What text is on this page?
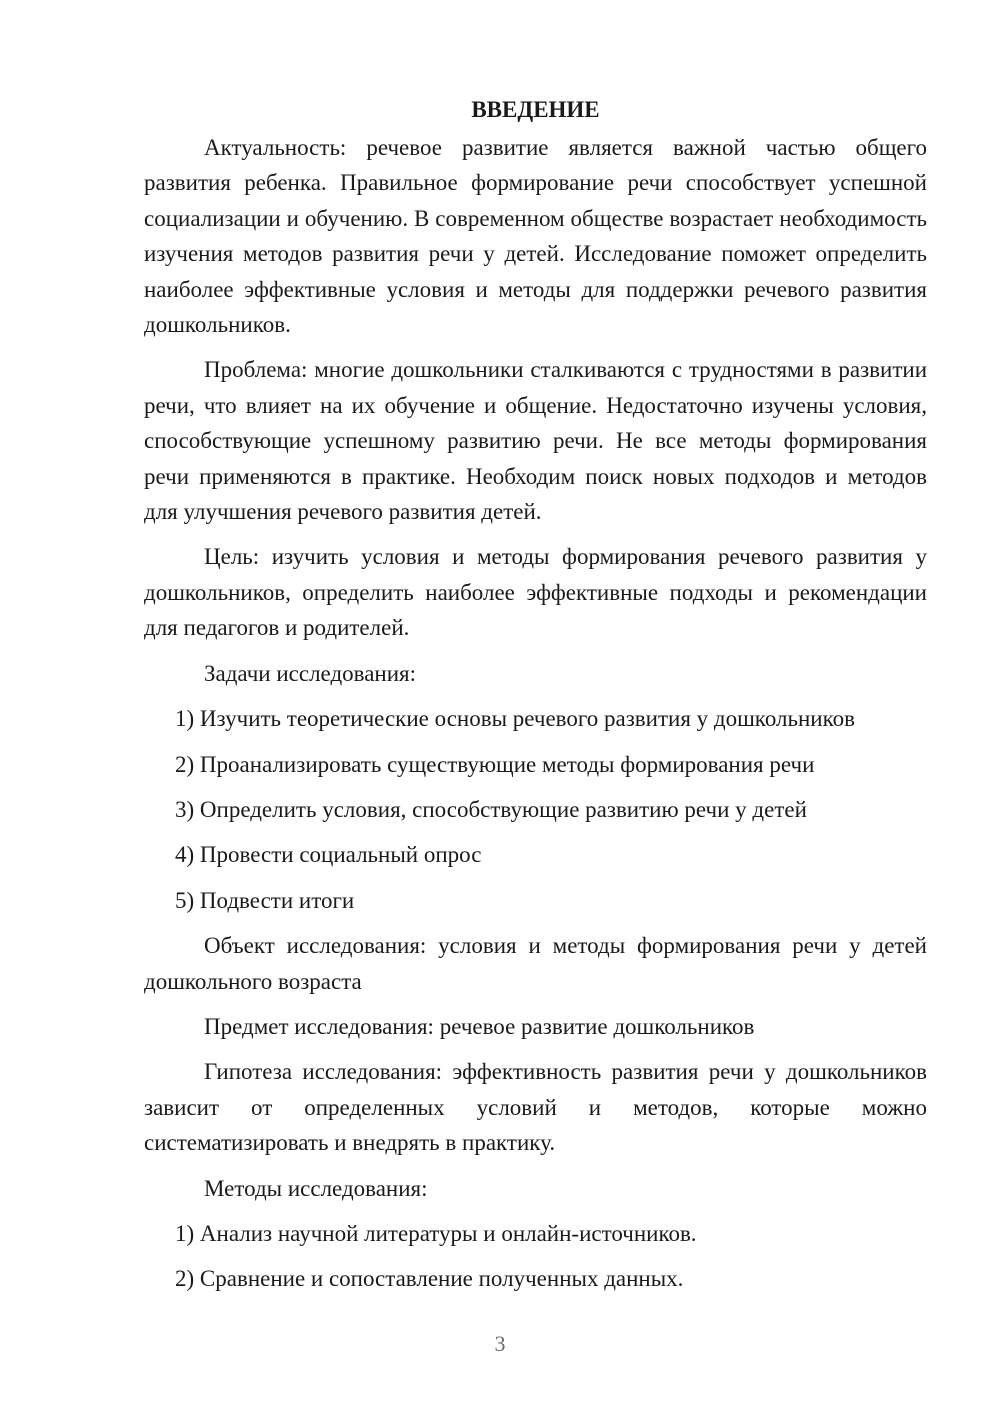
ВВЕДЕНИЕ

Актуальность: речевое развитие является важной частью общего развития ребенка. Правильное формирование речи способствует успешной социализации и обучению. В современном обществе возрастает необходимость изучения методов развития речи у детей. Исследование поможет определить наиболее эффективные условия и методы для поддержки речевого развития дошкольников.

Проблема: многие дошкольники сталкиваются с трудностями в развитии речи, что влияет на их обучение и общение. Недостаточно изучены условия, способствующие успешному развитию речи. Не все методы формирования речи применяются в практике. Необходим поиск новых подходов и методов для улучшения речевого развития детей.

Цель: изучить условия и методы формирования речевого развития у дошкольников, определить наиболее эффективные подходы и рекомендации для педагогов и родителей.

Задачи исследования:

1) Изучить теоретические основы речевого развития у дошкольников

2) Проанализировать существующие методы формирования речи

3) Определить условия, способствующие развитию речи у детей

4) Провести социальный опрос

5) Подвести итоги

Объект исследования: условия и методы формирования речи у детей дошкольного возраста

Предмет исследования: речевое развитие дошкольников

Гипотеза исследования: эффективность развития речи у дошкольников зависит от определенных условий и методов, которые можно систематизировать и внедрять в практику.

Методы исследования:

1) Анализ научной литературы и онлайн-источников.

2) Сравнение и сопоставление полученных данных.

3
